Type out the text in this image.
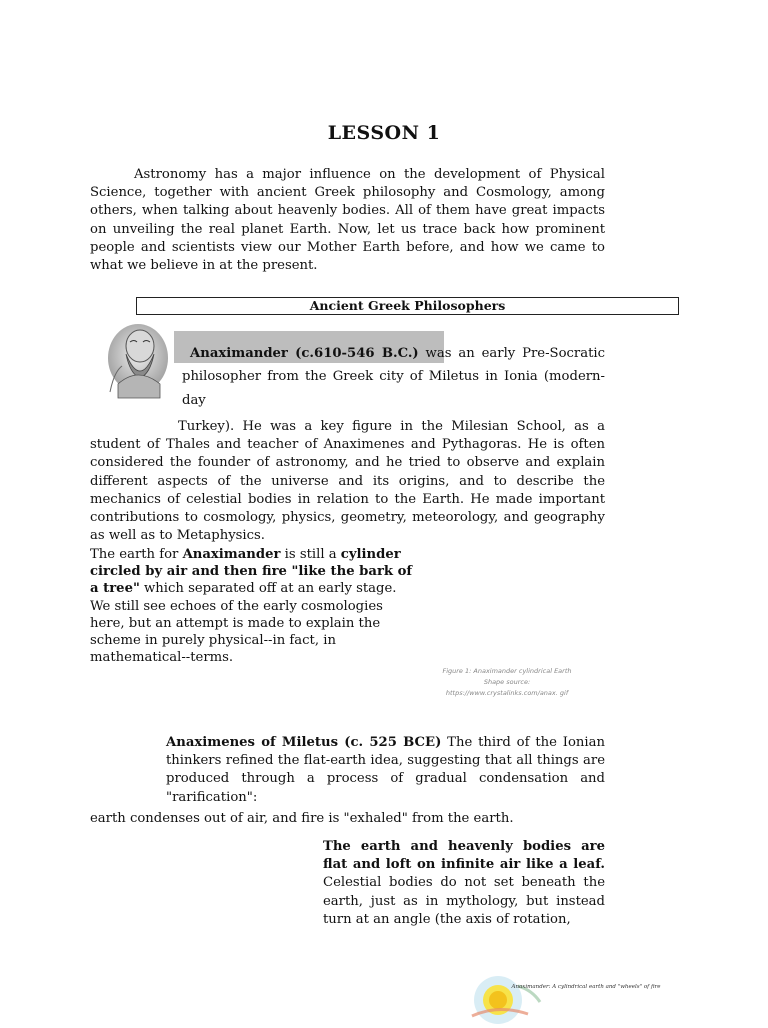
LESSON 1
Astronomy has a major influence on the development of Physical Science, together with ancient Greek philosophy and Cosmology, among others, when talking about heavenly bodies. All of them have great impacts on unveiling the real planet Earth. Now, let us trace back how prominent people and scientists view our Mother Earth before, and how we came to what we believe in at the present.
Ancient Greek Philosophers
Anaximander (c.610-546 B.C.) was an early Pre-Socratic
philosopher from the Greek city of Miletus in Ionia (modern-
day
Turkey). He was a key figure in the Milesian School, as a student of Thales and teacher of Anaximenes and Pythagoras. He is often considered the founder of astronomy, and he tried to observe and explain different aspects of the universe and its origins, and to describe the mechanics of celestial bodies in relation to the Earth. He made important contributions to cosmology, physics, geometry, meteorology, and geography as well as to Metaphysics.
The earth for Anaximander is still a cylinder circled by air and then fire "like the bark of a tree" which separated off at an early stage. We still see echoes of the early cosmologies here, but an attempt is made to explain the scheme in purely physical--in fact, in mathematical--terms.
Figure 1: Anaximander cylindrical Earth Shape source: https://www.crystalinks.com/anax. gif
Anaximenes of Miletus (c. 525 BCE) The third of the Ionian thinkers refined the flat-earth idea, suggesting that all things are produced through a process of gradual condensation and "rarification":
earth condenses out of air, and fire is "exhaled" from the earth.
The earth and heavenly bodies are flat and loft on infinite air like a leaf. Celestial bodies do not set beneath the earth, just as in mythology, but instead turn at an angle (the axis of rotation,
Anaximander: A cylindrical earth and "wheels" of fire
